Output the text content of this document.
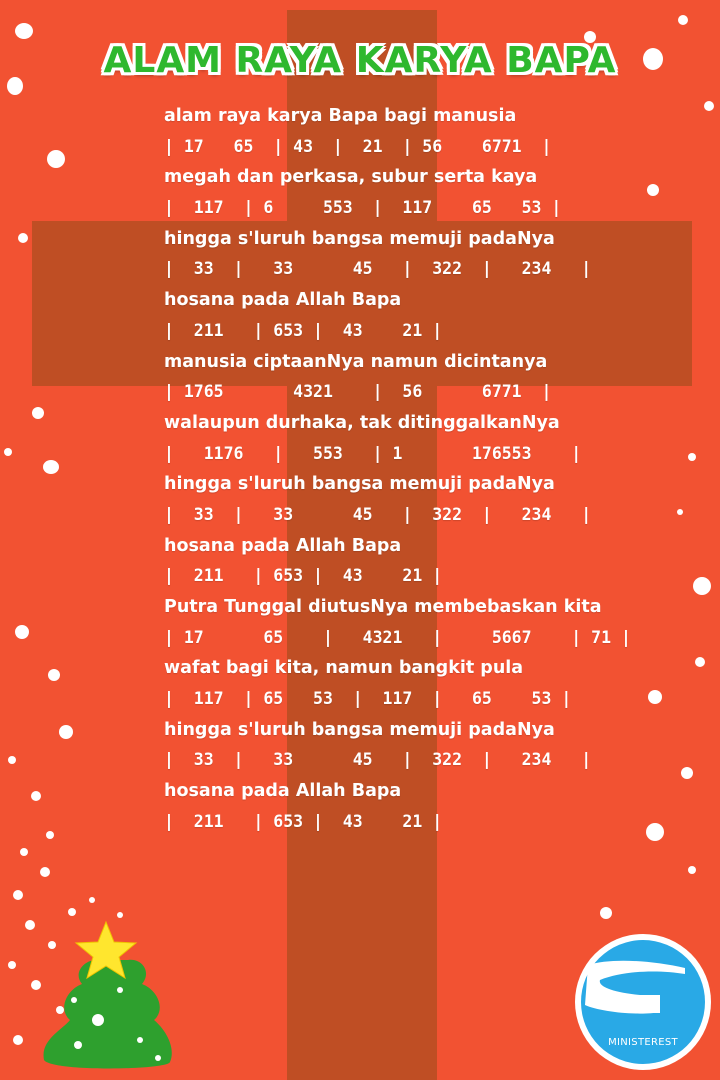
ALAM RAYA KARYA BAPA
alam raya karya Bapa bagi manusia
| 17   65  | 43  |  21  | 56    6771  |
megah dan perkasa, subur serta kaya
|  117  | 6     553  |  117    65   53 |
hingga s'luruh bangsa memuji padaNya
|  33  |   33      45   |  322  |   234   |
hosana pada Allah Bapa
|  211   | 653 |  43    21 |
manusia ciptaanNya namun dicintanya
| 1765       4321    |  56      6771  |
walaupun durhaka, tak ditinggalkanNya
|   1176   |   553   | 1       176553    |
hingga s'luruh bangsa memuji padaNya
|  33  |   33      45   |  322  |   234   |
hosana pada Allah Bapa
|  211   | 653 |  43    21 |
Putra Tunggal diutusNya membebaskan kita
| 17      65    |   4321   |     5667    | 71 |
wafat bagi kita, namun bangkit pula
|  117  | 65   53  |  117  |   65    53 |
hingga s'luruh bangsa memuji padaNya
|  33  |   33      45   |  322  |   234   |
hosana pada Allah Bapa
|  211   | 653 |  43    21 |
MINISTEREST
